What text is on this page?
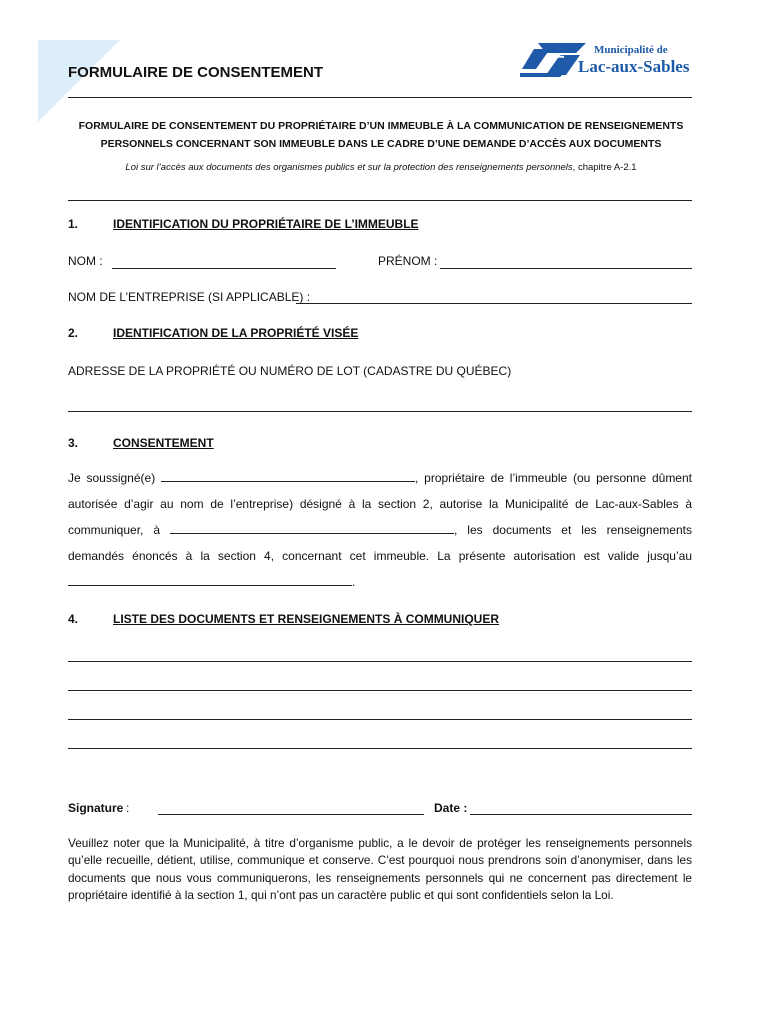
Municipalité de
Lac-aux-Sables
FORMULAIRE DE CONSENTEMENT
FORMULAIRE DE CONSENTEMENT DU PROPRIÉTAIRE D’UN IMMEUBLE À LA COMMUNICATION DE RENSEIGNEMENTS
PERSONNELS CONCERNANT SON IMMEUBLE DANS LE CADRE D’UNE DEMANDE D’ACCÈS AUX DOCUMENTS
Loi sur l’accès aux documents des organismes publics et sur la protection des renseignements personnels, chapitre A-2.1
1.	IDENTIFICATION DU PROPRIÉTAIRE DE L’IMMEUBLE
NOM :	PRÉNOM :
NOM DE L’ENTREPRISE (SI APPLICABLE) :
2.	IDENTIFICATION DE LA PROPRIÉTÉ VISÉE
ADRESSE DE LA PROPRIÉTÉ OU NUMÉRO DE LOT (CADASTRE DU QUÉBEC)
3.	CONSENTEMENT
Je soussigné(e)	, propriétaire de l’immeuble (ou personne dûment autorisée d’agir au nom de l’entreprise) désigné à la section 2, autorise la Municipalité de Lac-aux-Sables à communiquer, à	, les documents et les renseignements demandés énoncés à la section 4, concernant cet immeuble. La présente autorisation est valide jusqu’au .
4.	LISTE DES DOCUMENTS ET RENSEIGNEMENTS À COMMUNIQUER
Signature :	Date :
Veuillez noter que la Municipalité, à titre d’organisme public, a le devoir de protéger les renseignements personnels qu’elle recueille, détient, utilise, communique et conserve. C’est pourquoi nous prendrons soin d’anonymiser, dans les documents que nous vous communiquerons, les renseignements personnels qui ne concernent pas directement le propriétaire identifié à la section 1, qui n’ont pas un caractère public et qui sont confidentiels selon la Loi.
